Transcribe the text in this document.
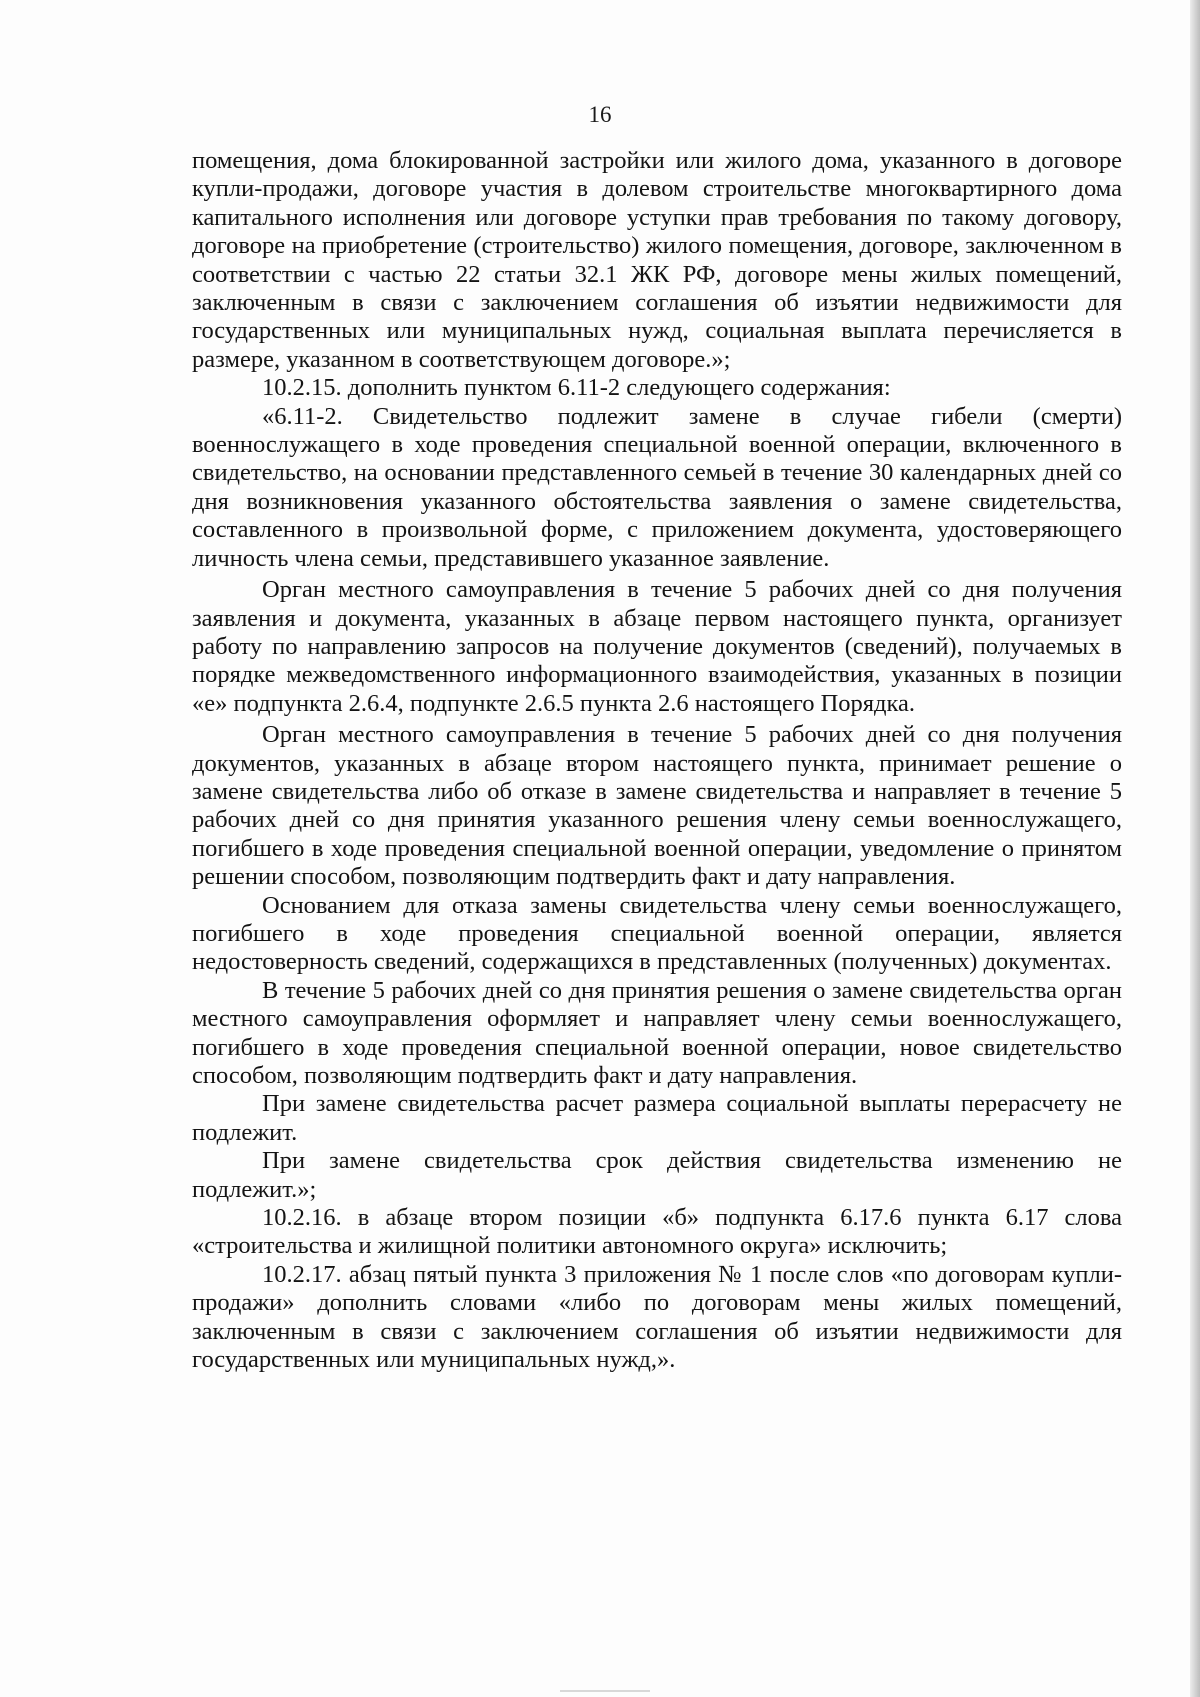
16

помещения, дома блокированной застройки или жилого дома, указанного в договоре купли-продажи, договоре участия в долевом строительстве многоквартирного дома капитального исполнения или договоре уступки прав требования по такому договору, договоре на приобретение (строительство) жилого помещения, договоре, заключенном в соответствии с частью 22 статьи 32.1 ЖК РФ, договоре мены жилых помещений, заключенным в связи с заключением соглашения об изъятии недвижимости для государственных или муниципальных нужд, социальная выплата перечисляется в размере, указанном в соответствующем договоре.»;

10.2.15. дополнить пунктом 6.11-2 следующего содержания:

«6.11-2. Свидетельство подлежит замене в случае гибели (смерти) военнослужащего в ходе проведения специальной военной операции, включенного в свидетельство, на основании представленного семьей в течение 30 календарных дней со дня возникновения указанного обстоятельства заявления о замене свидетельства, составленного в произвольной форме, с приложением документа, удостоверяющего личность члена семьи, представившего указанное заявление.

Орган местного самоуправления в течение 5 рабочих дней со дня получения заявления и документа, указанных в абзаце первом настоящего пункта, организует работу по направлению запросов на получение документов (сведений), получаемых в порядке межведомственного информационного взаимодействия, указанных в позиции «е» подпункта 2.6.4, подпункте 2.6.5 пункта 2.6 настоящего Порядка.

Орган местного самоуправления в течение 5 рабочих дней со дня получения документов, указанных в абзаце втором настоящего пункта, принимает решение о замене свидетельства либо об отказе в замене свидетельства и направляет в течение 5 рабочих дней со дня принятия указанного решения члену семьи военнослужащего, погибшего в ходе проведения специальной военной операции, уведомление о принятом решении способом, позволяющим подтвердить факт и дату направления.

Основанием для отказа замены свидетельства члену семьи военнослужащего, погибшего в ходе проведения специальной военной операции, является недостоверность сведений, содержащихся в представленных (полученных) документах.

В течение 5 рабочих дней со дня принятия решения о замене свидетельства орган местного самоуправления оформляет и направляет члену семьи военнослужащего, погибшего в ходе проведения специальной военной операции, новое свидетельство способом, позволяющим подтвердить факт и дату направления.

При замене свидетельства расчет размера социальной выплаты перерасчету не подлежит.

При замене свидетельства срок действия свидетельства изменению не подлежит.»;

10.2.16. в абзаце втором позиции «б» подпункта 6.17.6 пункта 6.17 слова «строительства и жилищной политики автономного округа» исключить;

10.2.17. абзац пятый пункта 3 приложения № 1 после слов «по договорам купли-продажи» дополнить словами «либо по договорам мены жилых помещений, заключенным в связи с заключением соглашения об изъятии недвижимости для государственных или муниципальных нужд,».
